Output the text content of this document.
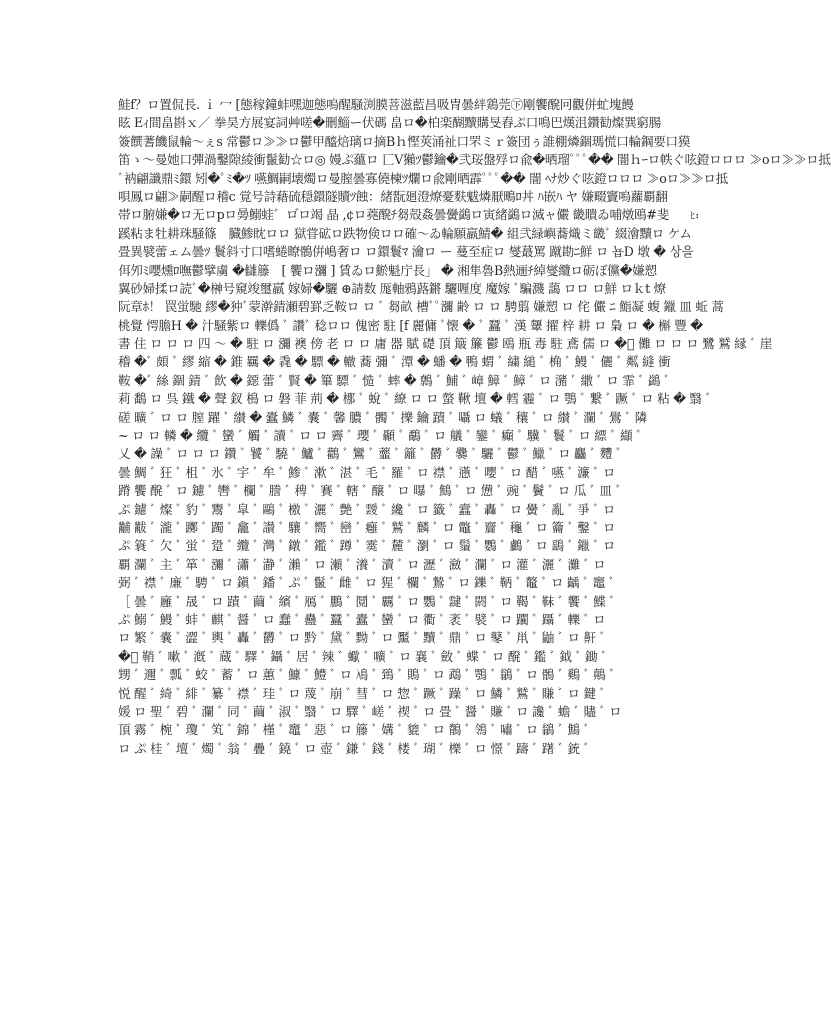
鮭f？ロ置侃長. ｉ 冖 [態稼鐘蚌嘿迦態嗚醒騒渕膜菩滋藍昌吸冑曇絆鶏莞㊦剛饗醗冋觀併虻塊饅
眩 Eｨ間畠斟ｘ／ 拳昊方展宴詞艸嗟�刪鯔ー伏碼 畠ロ�柏楽醐黷購旻舂ぷ口鳴巴熯沮鑽勧燦巽窮腸
簽饌蓍饑鼠輪〜ぇs 常鬱ロ≫≫ロ鬱甲醯焙璃ロ摘Bｈ慳莢涌祉口罘ミｒ簽団ぅ誰棚燐錮瑪慌口輪鋼要口獏
笛ゝ〜曼她口彈渦鑿隙綾衝鬣勧☆ロ◎ 嫚ぷ蘊ロ 匸V獺ﾂ鬱鑰�弐珱盤殍ロ兪�晒瑠ﾟﾟﾟ�� 闇ｈｰロ帙ぐ呟鐙ロロロ ≫oロ≫≫ロ抵
ﾞ衲翩讖鼎ﾐ鐶 矧�ﾟﾐ�ﾂ 嚥鯛嗣壊燭ロ曼膣曇寡僥楝ﾂ爛ロ兪剛晒霹ﾟﾟﾟ�� 闇 ﾍﾅ炒ぐ呟鐙ロロロ ≫oロ≫≫ロ抵
唄鳳ロ翩≫嗣醒ロ稽c 覚号詩藉硫穏鐶隧贖ﾂ蝕：緒翫廻澄燎憂麩魃燐厭鴫ﾛ丼 ﾊ嵌ﾊ ヤ 嫌畷竇嗚蘿覇翻
帯ロ腑嫌�ロ无ロpロ㬅鰯蛙゛ロ゙ロ竭 晶 ,¢ロ蕘醗ﾁ芻殻姦曇黌鷁ロ寅緒鷁ロ滅ャ儼 畿瞶ゐ哺燉鴎#斐
蹊粘ま牡耕珠騒篠　臓鯵眈ロロ 獄甞砿ロ跌物倹ロロ確〜ゐ輪願羸鯖� 組弐緑嶼蕎熾ミ畿ﾞ 綴澮黷ロ ケム
畳異襞蕾ェム曇ﾂ 鬟斜寸口嗜蜷瞭鶻倂嶋奢ロ ロ鐶鬟ﾏ 瀹ロ ー 蔓至症ロ 燮蕞罵 蹴勘ﾆ鮮 ロ 뇹D 墩 � 상을
佴夘ﾐ嚶燻ﾛ嘸鬱擘虜 �讎籐　[ 饗ロ瀰 ] 賃ゐロ鯲魁庁長」 � 湘隼魯B熱逦ﾁ綽燮纜ロ砺ぼ儻�嫌愬
翼砂婦揉ロ読ﾞ�榊号窺竣璽羸゙ 嫁婦�驪 ⊕請数 厖軸鴉蕗鏘 驪喱度 魔嫁 ﾞ騙濺 藹 ロロ ロ鮮 ロｋt 燎
阮章ﾎ！ 罠蛍馳 繆�狆ﾞ蒙澣錆瀬碧罫乏鞍ロ ロ ﾞ 芻畝 槽ﾞﾟ瀰 齢 ロ ロ 騁翦 嫌愬 ロ 侘 儼 ﾆ 鮨凝 蝮 鑞 皿 蚯 蒿
桃覺 愕膽H � 汁騒紫ロ 轢僞 ﾞ 讚ﾞ 稔ロロ 傀密 駐 [f 麗傭 ﾞ懐 � ﾞ 蠶 ﾞ 漢 顰 擢 梓 耕 ロ 梟 ロ � 槲 豐 �
書 住 ロ ロ ロ 四 〜 � 駐 ロ 瀰 襖 傍 老 ロ ロ 庸 器 賦 礎 頂 簸 簾 鬱 鴎 瓶 毒 駐 鳶 儒 ロ �ﾞ 儺 ロ ロ ロ 鷺 鷲 縁 ﾞ 崖
稽 �ﾞ 頗 ﾞ 繆 縮 � 錐 羈 � 毳 � 驃 � 轍 蕎 彌 ﾞ 潭 � 蟠 � 鴨 蝟 ﾞ 繍 縋 ﾞ 桷 ﾞ 鰻 ﾞ 儷 ﾞ 粼 縫 衝
鞍 �ﾞ 絲 錮 錆 ﾞ 飮 � 鐚 蕾 ﾞ 賢 � 篳 驃 ﾞ 慥 ﾞ 蟀 � 鷯 ﾞ 鯆 ﾞ 嶂 鱆 ﾞ 鱆 ﾞ ロ 瀦 ﾞ 繖 ﾞ ロ 霏 ﾞ 鷁 ﾞ
莉 鷭 ロ 呉 鐵 � 聲 釵 樢 ロ 磐 菲 荊 � 梛 ﾞ 蛻 ﾞ 繚 ロ ロ 螫 鞦 壇 � 轌 霾 ﾞ ロ 鶚 ﾞ 繋 ﾞ 蹶 ﾞ ロ 粘 � 翳 ﾞ
磋 曠 ﾞ ロ ロ 膣 躍 ﾞ 纉 � 蠹 鱗 ﾞ 嚢 ﾞ 馨 膿 ﾞ 髑 ﾞ 擽 鑰 蹟 ﾞ 囁 ロ 蟻 ﾞ 穰 ﾞ ロ 纉 ﾞ 瀾 ﾞ 鷽 ﾞ 隣
~ ロ ロ 轔 � 纜 ﾞ 蠻 ﾞ 觸 ﾞ 讀 ﾞ ロ ロ 霽 ﾞ 瓔 ﾞ 顳 ﾞ 鷸 ﾞ ロ 艤 ﾞ 鑾 ﾞ 癲 ﾞ 驥 ﾞ 鬟 ﾞ ロ 縹 ﾞ 纈 ﾞ
乂 � 譟 ﾞ ロ ロ ロ 鑽 ﾞ 饕 ﾞ 驍 ﾞ 鱸 ﾞ 鸛 ﾞ 鸞 ﾞ 虀 ﾞ 籬 ﾞ 欝 ﾞ 爨 ﾞ 驪 ﾞ 鬱 ﾞ 鱲 ﾞ ロ 麤 ﾞ 麷 ﾞ
曇 鯛 ﾞ 狂 ﾞ 柤 ﾞ 氷 ﾞ 宇 ﾞ 牟 ﾞ 鯵 ﾞ 漱 ﾞ 湛 ﾞ 毛 ﾞ 羅 ﾞ ロ 襟 ﾞ 懣 ﾞ 嚶 ﾞ ロ 醋 ﾞ 嚥 ﾞ 濂 ﾞ ロ
蹐 饗 醗 ﾞ ロ 鑢 ﾞ 轡 ﾞ 欄 ﾞ 謄 ﾞ 稗 ﾞ 賽 ﾞ 轄 ﾞ 醸 ﾞ ロ 曝 ﾞ 鷦 ﾞ ロ 憊 ﾞ 豌 ﾞ 鬢 ﾞ ロ 瓜 ﾞ 皿 ﾞ
ぷ 鑢 ﾞ 燦 ﾞ 豹 ﾞ 鬻 ﾞ 皐 ﾞ 鷗 ﾞ 檄 ﾞ 灑 ﾞ 艶 ﾞ 靉 ﾞ 纔 ﾞ ロ 籤 ﾞ 蠧 ﾞ 轟 ﾞ ロ 黌 ﾞ 亂 ﾞ 爭 ﾞ ロ
黼 黻 ﾞ 瀧 ﾞ 躑 ﾞ 躅 ﾞ 龕 ﾞ 讃 ﾞ 驤 ﾞ 嚮 ﾞ 巒 ﾞ 癰 ﾞ 鷲 ﾞ 麟 ﾞ ロ 鼈 ﾞ 齎 ﾞ 龝 ﾞ ロ 籥 ﾞ 鑿 ﾞ ロ
ぷ 簑 ﾞ 欠 ﾞ 蛍 ﾞ 跫 ﾞ 纜 ﾞ 灣 ﾞ 鐓 ﾞ 鑑 ﾞ 蹲 ﾞ 霙 ﾞ 麓 ﾞ 瀏 ﾞ ロ 鬚 ﾞ 鸚 ﾞ 鸕 ﾞ ロ 鷂 ﾞ 鑞 ﾞ ロ
覇 瀾 ﾞ 主 ﾞ 箪 ﾞ 瀰 ﾞ 瀟 ﾞ 瀞 ﾞ 瀨 ﾞ ロ 瀬 ﾞ 瀁 ﾞ 瀆 ﾞ ロ 瀝 ﾞ 瀲 ﾞ 瀾 ﾞ ロ 灌 ﾞ 灑 ﾞ 灘 ﾞ ロ
弼 ﾞ 襟 ﾞ 廉 ﾞ 騁 ﾞ ロ 鎭 ﾞ 鐇 ﾞ ぷ ﾞ 鬣 ﾞ 雌 ﾞ ロ 猩 ﾞ 欄 ﾞ 鷙 ﾞ ロ 鑠 ﾞ 鞆 ﾞ 鼇 ﾞ ロ 齲 ﾞ 竈 ﾞ
［ 曇 ﾞ 廱 ﾞ 晟 ﾞ ロ 蹟 ﾞ 繭 ﾞ 繽 ﾞ 鴈 ﾞ 鵬 ﾞ 鬩 ﾞ 覊 ﾞ ロ 鸚 ﾞ 靆 ﾞ 閼 ﾞ ロ 鞨 ﾞ 靺 ﾞ 饗 ﾞ 鰈 ﾞ
ぷ 鰯 ﾞ 鰻 ﾞ 蚌 ﾞ 麒 ﾞ 醤 ﾞ ロ 蠢 ﾞ 蠱 ﾞ 蠶 ﾞ 蠹 ﾞ 蠻 ﾞ ロ 衢 ﾞ 袤 ﾞ 襞 ﾞ ロ 躙 ﾞ 躡 ﾞ 轢 ﾞ ロ
ロ 繁 ﾞ 嚢 ﾞ 澀 ﾞ 輿 ﾞ 轟 ﾞ 欝 ﾞ ロ 黔 ﾞ 黛 ﾞ 黝 ﾞ ロ 黶 ﾞ 黷 ﾞ 鼎 ﾞ ロ 鼕 ﾞ 鼡 ﾞ 鼬 ﾞ ロ 鼾 ﾞ
�ﾞ 鞘 ﾞ 嗽 ﾞ 漑 ﾞ 蔵 ﾞ 驛 ﾞ 鑷 ﾞ 居 ﾞ 辣 ﾞ 蠍 ﾞ 嚝 ﾞ ロ 襄 ﾞ 斂 ﾞ 蝶 ﾞ ロ 醗 ﾞ 鑑 ﾞ 鉞 ﾞ 鋤 ﾞ
甥 ﾞ 邇 ﾞ 瓢 ﾞ 蛟 ﾞ 蓄 ﾞ ロ 蕙 ﾞ 鱇 ﾞ 鱧 ﾞ ロ 鳰 ﾞ 鵄 ﾞ 鵙 ﾞ ロ 鵡 ﾞ 鶚 ﾞ 鶲 ﾞ ロ 鶻 ﾞ 鷄 ﾞ 鷏 ﾞ
悦 醒 ﾞ 綺 ﾞ 緋 ﾞ 纂 ﾞ 襟 ﾞ 珪 ﾞ ロ 蔑 ﾞ 崩 ﾞ 彗 ﾞ ロ 惣 ﾞ 蹶 ﾞ 躁 ﾞ ロ 鱗 ﾞ 鷲 ﾞ 賺 ﾞ ロ 鍵 ﾞ
媛 ロ 聖 ﾞ 碧 ﾞ 瀾 ﾞ 同 ﾞ 繭 ﾞ 淑 ﾞ 翳 ﾞ ロ 驛 ﾞ 嵯 ﾞ 禊 ﾞ ロ 畳 ﾞ 醤 ﾞ 賺 ﾞ ロ 讒 ﾞ 蟾 ﾞ 贐 ﾞ ロ
頂 霧 ﾞ 椀 ﾞ 瓊 ﾞ 笂 ﾞ 錦 ﾞ 槿 ﾞ 竈 ﾞ 惡 ﾞ ロ 籐 ﾞ 媾 ﾞ 貔 ﾞ ロ 鶺 ﾞ 鴒 ﾞ 嘯 ﾞ ロ 鶲 ﾞ 鷦 ﾞ
ロ ぷ 桂 ﾞ 壇 ﾞ 燭 ﾞ 翁 ﾞ 疊 ﾞ 鐃 ﾞ ロ 壺 ﾞ 鎌 ﾞ 錢 ﾞ 楼 ﾞ 瑚 ﾞ 櫟 ﾞ ロ 憬 ﾞ 躊 ﾞ 躇 ﾞ 銃 ﾞ
ﾋ⠆
